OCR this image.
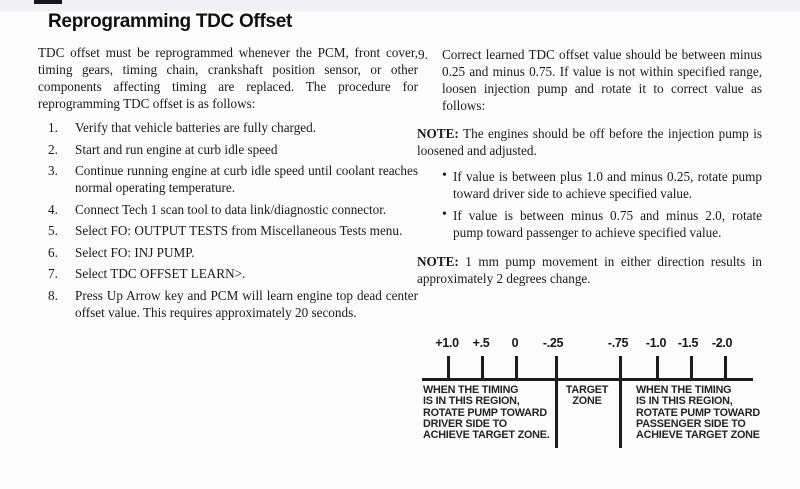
Reprogramming TDC Offset

TDC offset must be reprogrammed whenever the PCM, front cover, timing gears, timing chain, crankshaft position sensor, or other components affecting timing are replaced. The procedure for reprogramming TDC offset is as follows:

1. Verify that vehicle batteries are fully charged.
2. Start and run engine at curb idle speed
3. Continue running engine at curb idle speed until coolant reaches normal operating temperature.
4. Connect Tech 1 scan tool to data link/diagnostic connector.
5. Select FO: OUTPUT TESTS from Miscellaneous Tests menu.
6. Select FO: INJ PUMP.
7. Select TDC OFFSET LEARN>.
8. Press Up Arrow key and PCM will learn engine top dead center offset value. This requires approximately 20 seconds.
9. Correct learned TDC offset value should be between minus 0.25 and minus 0.75. If value is not within specified range, loosen injection pump and rotate it to correct value as follows:

NOTE: The engines should be off before the injection pump is loosened and adjusted.

• If value is between plus 1.0 and minus 0.25, rotate pump toward driver side to achieve specified value.
• If value is between minus 0.75 and minus 2.0, rotate pump toward passenger to achieve specified value.

NOTE: 1 mm pump movement in either direction results in approximately 2 degrees change.

+1.0	+.5	0	-.25	-.75	-1.0 -1.5	-2.0
WHEN THE TIMING
IS IN THIS REGION,
ROTATE PUMP TOWARD
DRIVER SIDE TO
ACHIEVE TARGET ZONE.
TARGET
ZONE
WHEN THE TIMING
IS IN THIS REGION,
ROTATE PUMP TOWARD
PASSENGER SIDE TO
ACHIEVE TARGET ZONE
